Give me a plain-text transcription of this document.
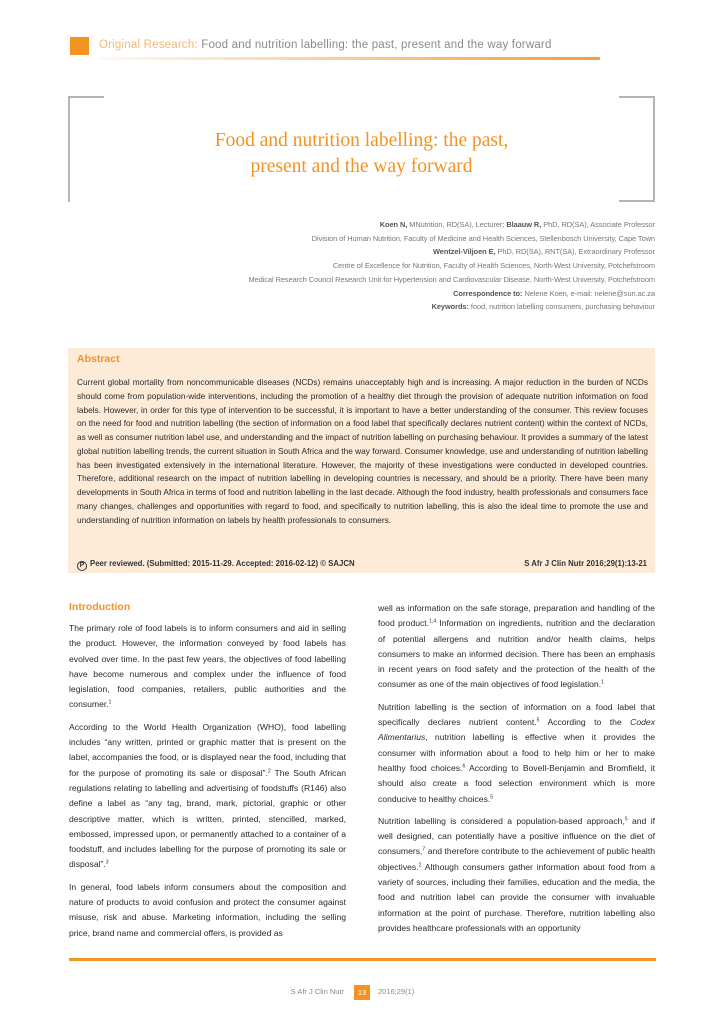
Original Research: Food and nutrition labelling: the past, present and the way forward
Food and nutrition labelling: the past,
present and the way forward
Koen N, MNutrition, RD(SA), Lecturer; Blaauw R, PhD, RD(SA), Associate Professor
Division of Human Nutrition, Faculty of Medicine and Health Sciences, Stellenbosch University, Cape Town
Wentzel-Viljoen E, PhD, RD(SA), RNT(SA), Extraordinary Professor
Centre of Excellence for Nutrition, Faculty of Health Sciences, North-West University, Potchefstroom
Medical Research Council Research Unit for Hypertension and Cardiovascular Disease, North-West University, Potchefstroom
Correspondence to: Nelene Koen, e-mail: nelene@sun.ac.za
Keywords: food, nutrition labelling consumers, purchasing behaviour
Abstract
Current global mortality from noncommunicable diseases (NCDs) remains unacceptably high and is increasing. A major reduction in the burden of NCDs should come from population-wide interventions, including the promotion of a healthy diet through the provision of adequate nutrition information on food labels. However, in order for this type of intervention to be successful, it is important to have a better understanding of the consumer. This review focuses on the need for food and nutrition labelling (the section of information on a food label that specifically declares nutrient content) within the context of NCDs, as well as consumer nutrition label use, and understanding and the impact of nutrition labelling on purchasing behaviour. It provides a summary of the latest global nutrition labelling trends, the current situation in South Africa and the way forward. Consumer knowledge, use and understanding of nutrition labelling has been investigated extensively in the international literature. However, the majority of these investigations were conducted in developed countries. Therefore, additional research on the impact of nutrition labelling in developing countries is necessary, and should be a priority. There have been many developments in South Africa in terms of food and nutrition labelling in the last decade. Although the food industry, health professionals and consumers face many changes, challenges and opportunities with regard to food, and specifically to nutrition labelling, this is also the ideal time to promote the use and understanding of nutrition information on labels by health professionals to consumers.
P Peer reviewed. (Submitted: 2015-11-29. Accepted: 2016-02-12) © SAJCN	S Afr J Clin Nutr 2016;29(1):13-21
Introduction

The primary role of food labels is to inform consumers and aid in selling the product. However, the information conveyed by food labels has evolved over time. In the past few years, the objectives of food labelling have become numerous and complex under the influence of food legislation, food companies, retailers, public authorities and the consumer.$^1$

According to the World Health Organization (WHO), food labelling includes “any written, printed or graphic matter that is present on the label, accompanies the food, or is displayed near the food, including that for the purpose of promoting its sale or disposal”.$^2$ The South African regulations relating to labelling and advertising of foodstuffs (R146) also define a label as “any tag, brand, mark, pictorial, graphic or other descriptive matter, which is written, printed, stencilled, marked, embossed, impressed upon, or permanently attached to a container of a foodstuff, and includes labelling for the purpose of promoting its sale or disposal”.$^3$

In general, food labels inform consumers about the composition and nature of products to avoid confusion and protect the consumer against misuse, risk and abuse. Marketing information, including the selling price, brand name and commercial offers, is provided as

well as information on the safe storage, preparation and handling of the food product.$^{1,4}$ Information on ingredients, nutrition and the declaration of potential allergens and nutrition and/or health claims, helps consumers to make an informed decision. There has been an emphasis in recent years on food safety and the protection of the health of the consumer as one of the main objectives of food legislation.$^1$

Nutrition labelling is the section of information on a food label that specifically declares nutrient content.$^5$ According to the Codex Alimentarius, nutrition labelling is effective when it provides the consumer with information about a food to help him or her to make healthy food choices.$^6$ According to Bovell-Benjamin and Bromfield, it should also create a food selection environment which is more conducive to healthy choices.$^5$

Nutrition labelling is considered a population-based approach,$^5$ and if well designed, can potentially have a positive influence on the diet of consumers,$^7$ and therefore contribute to the achievement of public health objectives.$^2$ Although consumers gather information about food from a variety of sources, including their families, education and the media, the food and nutrition label can provide the consumer with invaluable information at the point of purchase. Therefore, nutrition labelling also provides healthcare professionals with an opportunity

S Afr J Clin Nutr	13	2016;29(1)
